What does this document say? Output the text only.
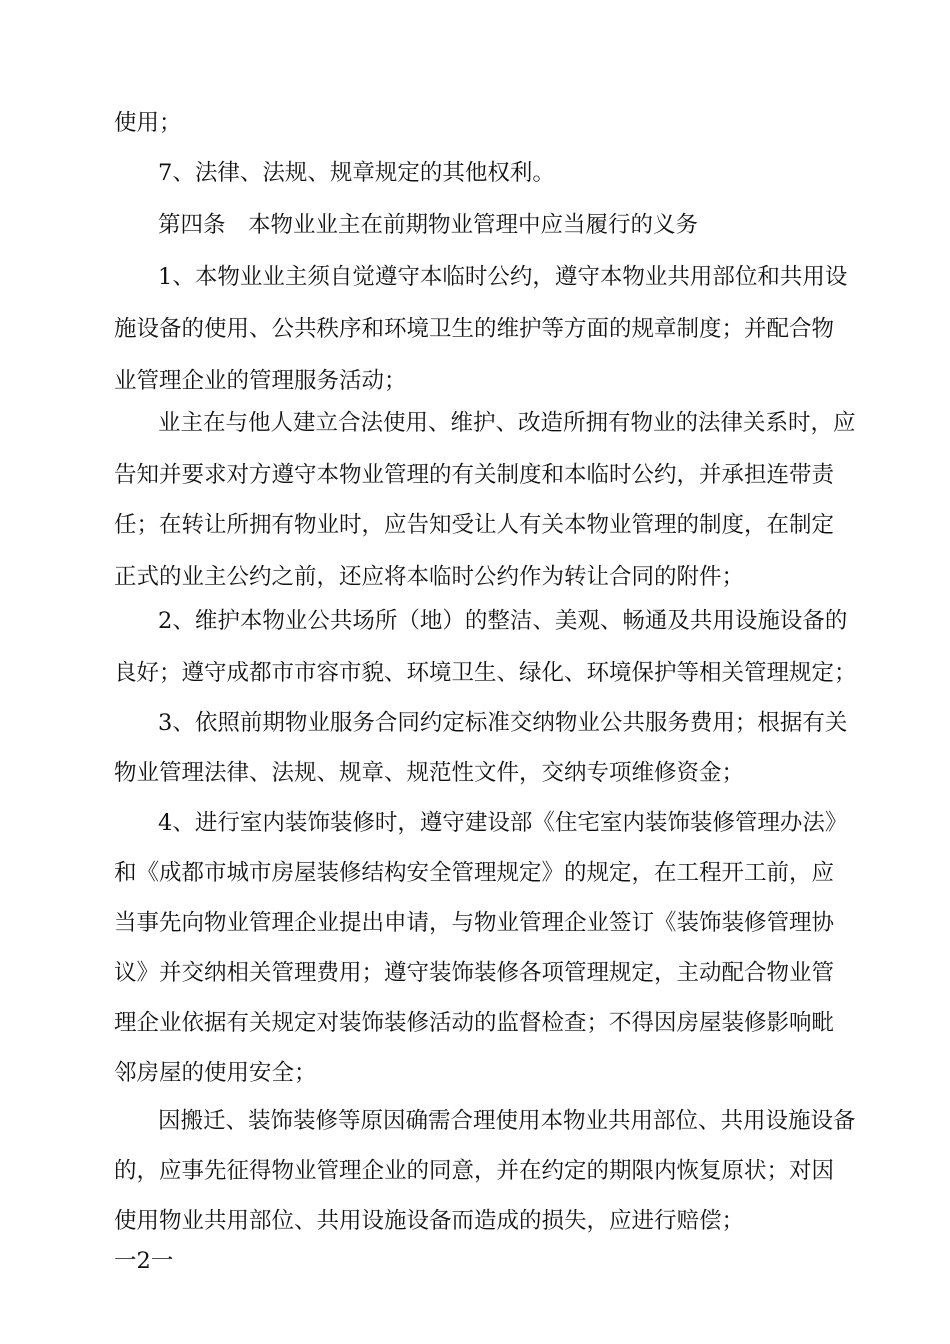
使用；
7、法律、法规、规章规定的其他权利。
第四条　本物业业主在前期物业管理中应当履行的义务
1、本物业业主须自觉遵守本临时公约，遵守本物业共用部位和共用设
施设备的使用、公共秩序和环境卫生的维护等方面的规章制度；并配合物
业管理企业的管理服务活动；
业主在与他人建立合法使用、维护、改造所拥有物业的法律关系时，应
告知并要求对方遵守本物业管理的有关制度和本临时公约，并承担连带责
任；在转让所拥有物业时，应告知受让人有关本物业管理的制度，在制定
正式的业主公约之前，还应将本临时公约作为转让合同的附件；
2、维护本物业公共场所（地）的整洁、美观、畅通及共用设施设备的
良好；遵守成都市市容市貌、环境卫生、绿化、环境保护等相关管理规定；
3、依照前期物业服务合同约定标准交纳物业公共服务费用；根据有关
物业管理法律、法规、规章、规范性文件，交纳专项维修资金；
4、进行室内装饰装修时，遵守建设部《住宅室内装饰装修管理办法》
和《成都市城市房屋装修结构安全管理规定》的规定，在工程开工前，应
当事先向物业管理企业提出申请，与物业管理企业签订《装饰装修管理协
议》并交纳相关管理费用；遵守装饰装修各项管理规定，主动配合物业管
理企业依据有关规定对装饰装修活动的监督检查；不得因房屋装修影响毗
邻房屋的使用安全；
因搬迁、装饰装修等原因确需合理使用本物业共用部位、共用设施设备
的，应事先征得物业管理企业的同意，并在约定的期限内恢复原状；对因
使用物业共用部位、共用设施设备而造成的损失，应进行赔偿；
一2一
